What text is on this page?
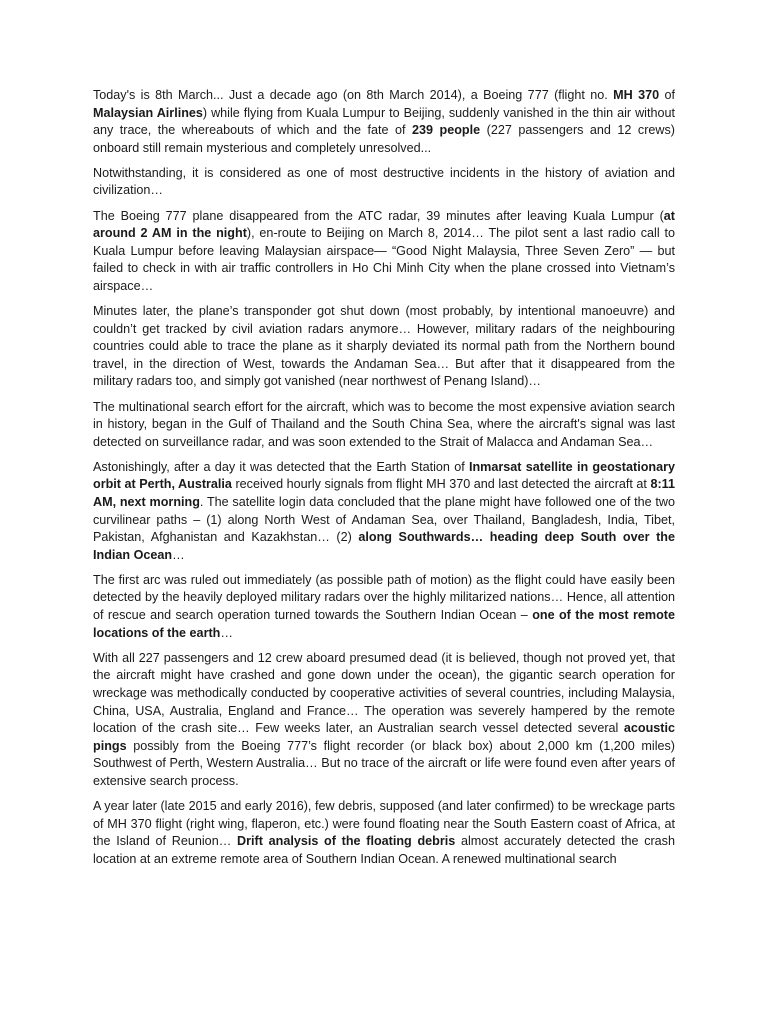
Today's is 8th March... Just a decade ago (on 8th March 2014), a Boeing 777 (flight no. MH 370 of Malaysian Airlines) while flying from Kuala Lumpur to Beijing, suddenly vanished in the thin air without any trace, the whereabouts of which and the fate of 239 people (227 passengers and 12 crews) onboard still remain mysterious and completely unresolved...

Notwithstanding, it is considered as one of most destructive incidents in the history of aviation and civilization…

The Boeing 777 plane disappeared from the ATC radar, 39 minutes after leaving Kuala Lumpur (at around 2 AM in the night), en-route to Beijing on March 8, 2014… The pilot sent a last radio call to Kuala Lumpur before leaving Malaysian airspace— “Good Night Malaysia, Three Seven Zero” — but failed to check in with air traffic controllers in Ho Chi Minh City when the plane crossed into Vietnam’s airspace…

Minutes later, the plane’s transponder got shut down (most probably, by intentional manoeuvre) and couldn’t get tracked by civil aviation radars anymore… However, military radars of the neighbouring countries could able to trace the plane as it sharply deviated its normal path from the Northern bound travel, in the direction of West, towards the Andaman Sea… But after that it disappeared from the military radars too, and simply got vanished (near northwest of Penang Island)…

The multinational search effort for the aircraft, which was to become the most expensive aviation search in history, began in the Gulf of Thailand and the South China Sea, where the aircraft's signal was last detected on surveillance radar, and was soon extended to the Strait of Malacca and Andaman Sea…

Astonishingly, after a day it was detected that the Earth Station of Inmarsat satellite in geostationary orbit at Perth, Australia received hourly signals from flight MH 370 and last detected the aircraft at 8:11 AM, next morning. The satellite login data concluded that the plane might have followed one of the two curvilinear paths – (1) along North West of Andaman Sea, over Thailand, Bangladesh, India, Tibet, Pakistan, Afghanistan and Kazakhstan… (2) along Southwards… heading deep South over the Indian Ocean…

The first arc was ruled out immediately (as possible path of motion) as the flight could have easily been detected by the heavily deployed military radars over the highly militarized nations… Hence, all attention of rescue and search operation turned towards the Southern Indian Ocean – one of the most remote locations of the earth…

With all 227 passengers and 12 crew aboard presumed dead (it is believed, though not proved yet, that the aircraft might have crashed and gone down under the ocean), the gigantic search operation for wreckage was methodically conducted by cooperative activities of several countries, including Malaysia, China, USA, Australia, England and France… The operation was severely hampered by the remote location of the crash site… Few weeks later, an Australian search vessel detected several acoustic pings possibly from the Boeing 777’s flight recorder (or black box) about 2,000 km (1,200 miles) Southwest of Perth, Western Australia… But no trace of the aircraft or life were found even after years of extensive search process.

A year later (late 2015 and early 2016), few debris, supposed (and later confirmed) to be wreckage parts of MH 370 flight (right wing, flaperon, etc.) were found floating near the South Eastern coast of Africa, at the Island of Reunion… Drift analysis of the floating debris almost accurately detected the crash location at an extreme remote area of Southern Indian Ocean. A renewed multinational search
